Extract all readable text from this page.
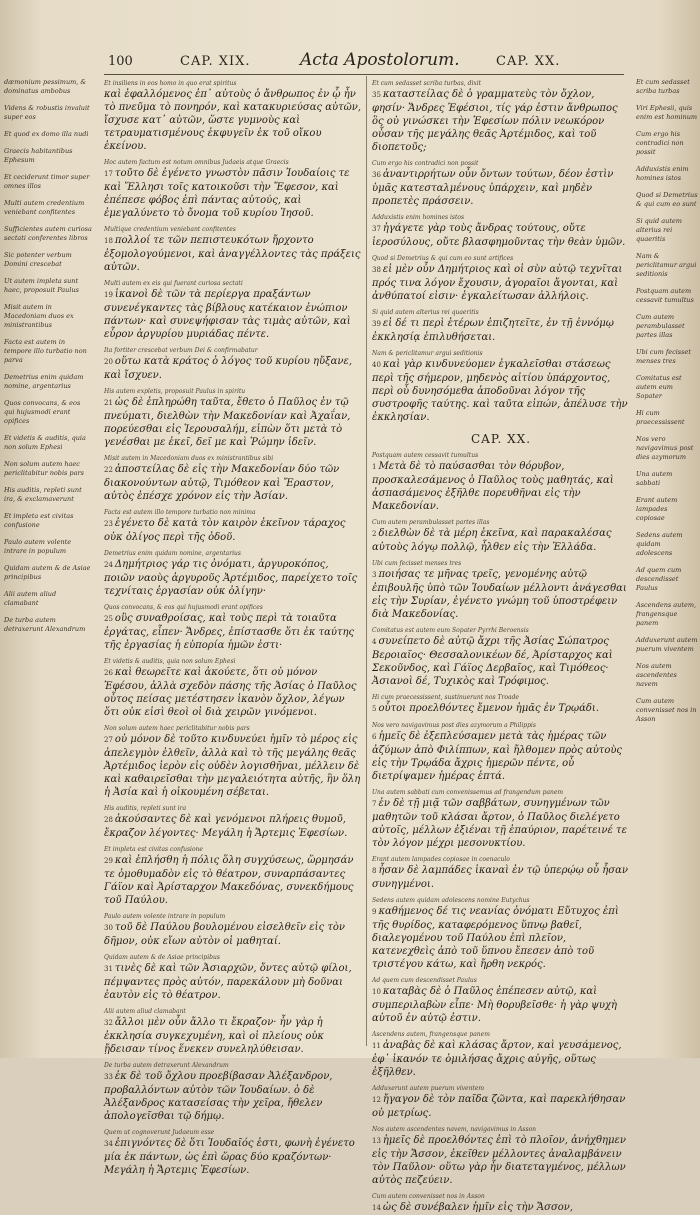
100	CAP. XIX.	Acta Apostolorum.	CAP. XX.

dæmonium pessimum, & dominatus ambobus

Videns & robustis invaluit super eos

Et quod ex domo illa nudi

Graecis habitantibus Ephesum

Et ceciderunt timor super omnes illos

Multi autem credentium veniebant confitentes

Sufficientes autem curiosa sectati conferentes libros

Sic potenter verbum Domini crescebat

Ut autem impleta sunt haec, proposuit Paulus

Misit autem in Macedoniam duos ex ministrantibus

Facta est autem in tempore illo turbatio non parva

Demetrius enim quidam nomine, argentarius

Quos convocans, & eos qui hujusmodi erant opifices

Et videtis & auditis, quia non solum Ephesi

Non solum autem haec periclitabitur nobis pars

His auditis, repleti sunt ira, & exclamaverunt

Et impleta est civitas confusione

Paulo autem volente intrare in populum

Quidam autem & de Asiae principibus

Alii autem aliud clamabant

De turba autem detraxerunt Alexandrum

Et insiliens in eos homo in quo erat spiritus

καὶ ἐφαλλόμενος ἐπ᾽ αὐτοὺς ὁ ἄνθρωπος ἐν ᾧ ἦν τὸ πνεῦμα τὸ πονηρόν, καὶ κατακυριεύσας αὐτῶν, ἴσχυσε κατ᾽ αὐτῶν, ὥστε γυμνοὺς καὶ τετραυματισμένους ἐκφυγεῖν ἐκ τοῦ οἴκου ἐκείνου.

Hoc autem factum est notum omnibus Judaeis atque Graecis

17 τοῦτο δὲ ἐγένετο γνωστὸν πᾶσιν Ἰουδαίοις τε καὶ Ἕλλησι τοῖς κατοικοῦσι τὴν Ἔφεσον, καὶ ἐπέπεσε φόβος ἐπὶ πάντας αὐτούς, καὶ ἐμεγαλύνετο τὸ ὄνομα τοῦ κυρίου Ἰησοῦ.

Multique credentium veniebant confitentes

18 πολλοί τε τῶν πεπιστευκότων ἤρχοντο ἐξομολογούμενοι, καὶ ἀναγγέλλοντες τὰς πράξεις αὐτῶν.

Multi autem ex eis qui fuerant curiosa sectati

19 ἱκανοὶ δὲ τῶν τὰ περίεργα πραξάντων συνενέγκαντες τὰς βίβλους κατέκαιον ἐνώπιον πάντων· καὶ συνεψήφισαν τὰς τιμὰς αὐτῶν, καὶ εὗρον ἀργυρίου μυριάδας πέντε.

Ita fortiter crescebat verbum Dei & confirmabatur

20 οὕτω κατὰ κράτος ὁ λόγος τοῦ κυρίου ηὔξανε, καὶ ἴσχυεν.

His autem expletis, proposuit Paulus in spiritu

21 ὡς δὲ ἐπληρώθη ταῦτα, ἔθετο ὁ Παῦλος ἐν τῷ πνεύματι, διελθὼν τὴν Μακεδονίαν καὶ Ἀχαΐαν, πορεύεσθαι εἰς Ἱερουσαλήμ, εἰπὼν ὅτι μετὰ τὸ γενέσθαι με ἐκεῖ, δεῖ με καὶ Ῥώμην ἰδεῖν.

Misit autem in Macedoniam duos ex ministrantibus sibi

22 ἀποστείλας δὲ εἰς τὴν Μακεδονίαν δύο τῶν διακονούντων αὐτῷ, Τιμόθεον καὶ Ἔραστον, αὐτὸς ἐπέσχε χρόνον εἰς τὴν Ἀσίαν.

Facta est autem illo tempore turbatio non minima

23 ἐγένετο δὲ κατὰ τὸν καιρὸν ἐκεῖνον τάραχος οὐκ ὀλίγος περὶ τῆς ὁδοῦ.

Demetrius enim quidam nomine, argentarius

24 Δημήτριος γάρ τις ὀνόματι, ἀργυροκόπος, ποιῶν ναοὺς ἀργυροῦς Ἀρτέμιδος, παρείχετο τοῖς τεχνίταις ἐργασίαν οὐκ ὀλίγην·

Quos convocans, & eos qui hujusmodi erant opifices

25 οὓς συναθροίσας, καὶ τοὺς περὶ τὰ τοιαῦτα ἐργάτας, εἶπεν· Ἄνδρες, ἐπίστασθε ὅτι ἐκ ταύτης τῆς ἐργασίας ἡ εὐπορία ἡμῶν ἐστι·

Et videtis & auditis, quia non solum Ephesi

26 καὶ θεωρεῖτε καὶ ἀκούετε, ὅτι οὐ μόνον Ἐφέσου, ἀλλὰ σχεδὸν πάσης τῆς Ἀσίας ὁ Παῦλος οὗτος πείσας μετέστησεν ἱκανὸν ὄχλον, λέγων ὅτι οὐκ εἰσὶ θεοὶ οἱ διὰ χειρῶν γινόμενοι.

Non solum autem haec periclitabitur nobis pars

27 οὐ μόνον δὲ τοῦτο κινδυνεύει ἡμῖν τὸ μέρος εἰς ἀπελεγμὸν ἐλθεῖν, ἀλλὰ καὶ τὸ τῆς μεγάλης θεᾶς Ἀρτέμιδος ἱερὸν εἰς οὐδὲν λογισθῆναι, μέλλειν δὲ καὶ καθαιρεῖσθαι τὴν μεγαλειότητα αὐτῆς, ἣν ὅλη ἡ Ἀσία καὶ ἡ οἰκουμένη σέβεται.

His auditis, repleti sunt ira

28 ἀκούσαντες δὲ καὶ γενόμενοι πλήρεις θυμοῦ, ἔκραζον λέγοντες· Μεγάλη ἡ Ἄρτεμις Ἐφεσίων.

Et impleta est civitas confusione

29 καὶ ἐπλήσθη ἡ πόλις ὅλη συγχύσεως, ὥρμησάν τε ὁμοθυμαδὸν εἰς τὸ θέατρον, συναρπάσαντες Γάϊον καὶ Ἀρίσταρχον Μακεδόνας, συνεκδήμους τοῦ Παύλου.

Paulo autem volente intrare in populum

30 τοῦ δὲ Παύλου βουλομένου εἰσελθεῖν εἰς τὸν δῆμον, οὐκ εἴων αὐτὸν οἱ μαθηταί.

Quidam autem & de Asiae principibus

31 τινὲς δὲ καὶ τῶν Ἀσιαρχῶν, ὄντες αὐτῷ φίλοι, πέμψαντες πρὸς αὐτόν, παρεκάλουν μὴ δοῦναι ἑαυτὸν εἰς τὸ θέατρον.

Alii autem aliud clamabant

32 ἄλλοι μὲν οὖν ἄλλο τι ἔκραζον· ἦν γὰρ ἡ ἐκκλησία συγκεχυμένη, καὶ οἱ πλείους οὐκ ᾔδεισαν τίνος ἕνεκεν συνεληλύθεισαν.

De turba autem detraxerunt Alexandrum

33 ἐκ δὲ τοῦ ὄχλου προεβίβασαν Ἀλέξανδρον, προβαλλόντων αὐτὸν τῶν Ἰουδαίων. ὁ δὲ Ἀλέξανδρος κατασείσας τὴν χεῖρα, ἤθελεν ἀπολογεῖσθαι τῷ δήμῳ.

Quem ut cognoverunt Judaeum esse

34 ἐπιγνόντες δὲ ὅτι Ἰουδαῖός ἐστι, φωνὴ ἐγένετο μία ἐκ πάντων, ὡς ἐπὶ ὥρας δύο κραζόντων· Μεγάλη ἡ Ἄρτεμις Ἐφεσίων.

Et cum sedasset scriba turbas, dixit

35 καταστείλας δὲ ὁ γραμματεὺς τὸν ὄχλον, φησίν· Ἄνδρες Ἐφέσιοι, τίς γάρ ἐστιν ἄνθρωπος ὃς οὐ γινώσκει τὴν Ἐφεσίων πόλιν νεωκόρον οὖσαν τῆς μεγάλης θεᾶς Ἀρτέμιδος, καὶ τοῦ διοπετοῦς;

Cum ergo his contradici non possit

36 ἀναντιρρήτων οὖν ὄντων τούτων, δέον ἐστὶν ὑμᾶς κατεσταλμένους ὑπάρχειν, καὶ μηδὲν προπετὲς πράσσειν.

Adduxistis enim homines istos

37 ἠγάγετε γὰρ τοὺς ἄνδρας τούτους, οὔτε ἱεροσύλους, οὔτε βλασφημοῦντας τὴν θεὰν ὑμῶν.

Quod si Demetrius & qui cum eo sunt artifices

38 εἰ μὲν οὖν Δημήτριος καὶ οἱ σὺν αὐτῷ τεχνῖται πρός τινα λόγον ἔχουσιν, ἀγοραῖοι ἄγονται, καὶ ἀνθύπατοί εἰσιν· ἐγκαλείτωσαν ἀλλήλοις.

Si quid autem alterius rei quaeritis

39 εἰ δέ τι περὶ ἑτέρων ἐπιζητεῖτε, ἐν τῇ ἐννόμῳ ἐκκλησίᾳ ἐπιλυθήσεται.

Nam & periclitamur argui seditionis

40 καὶ γὰρ κινδυνεύομεν ἐγκαλεῖσθαι στάσεως περὶ τῆς σήμερον, μηδενὸς αἰτίου ὑπάρχοντος, περὶ οὗ δυνησόμεθα ἀποδοῦναι λόγον τῆς συστροφῆς ταύτης. καὶ ταῦτα εἰπών, ἀπέλυσε τὴν ἐκκλησίαν.

CAP. XX.

Postquam autem cessavit tumultus

1 Μετὰ δὲ τὸ παύσασθαι τὸν θόρυβον, προσκαλεσάμενος ὁ Παῦλος τοὺς μαθητάς, καὶ ἀσπασάμενος ἐξῆλθε πορευθῆναι εἰς τὴν Μακεδονίαν.

Cum autem perambulasset partes illas

2 διελθὼν δὲ τὰ μέρη ἐκεῖνα, καὶ παρακαλέσας αὐτοὺς λόγῳ πολλῷ, ἦλθεν εἰς τὴν Ἑλλάδα.

Ubi cum fecisset menses tres

3 ποιήσας τε μῆνας τρεῖς, γενομένης αὐτῷ ἐπιβουλῆς ὑπὸ τῶν Ἰουδαίων μέλλοντι ἀνάγεσθαι εἰς τὴν Συρίαν, ἐγένετο γνώμη τοῦ ὑποστρέφειν διὰ Μακεδονίας.

Comitatus est autem eum Sopater Pyrrhi Beroensis

4 συνείπετο δὲ αὐτῷ ἄχρι τῆς Ἀσίας Σώπατρος Βεροιαῖος· Θεσσαλονικέων δέ, Ἀρίσταρχος καὶ Σεκοῦνδος, καὶ Γάϊος Δερβαῖος, καὶ Τιμόθεος· Ἀσιανοὶ δέ, Τυχικὸς καὶ Τρόφιμος.

Hi cum praecessissent, sustinuerunt nos Troade

5 οὗτοι προελθόντες ἔμενον ἡμᾶς ἐν Τρῳάδι.

Nos vero navigavimus post dies azymorum a Philippis

6 ἡμεῖς δὲ ἐξεπλεύσαμεν μετὰ τὰς ἡμέρας τῶν ἀζύμων ἀπὸ Φιλίππων, καὶ ἤλθομεν πρὸς αὐτοὺς εἰς τὴν Τρῳάδα ἄχρις ἡμερῶν πέντε, οὗ διετρίψαμεν ἡμέρας ἑπτά.

Una autem sabbati cum convenissemus ad frangendum panem

7 ἐν δὲ τῇ μιᾷ τῶν σαββάτων, συνηγμένων τῶν μαθητῶν τοῦ κλάσαι ἄρτον, ὁ Παῦλος διελέγετο αὐτοῖς, μέλλων ἐξιέναι τῇ ἐπαύριον, παρέτεινέ τε τὸν λόγον μέχρι μεσονυκτίου.

Erant autem lampades copiosae in coenaculo

8 ἦσαν δὲ λαμπάδες ἱκαναὶ ἐν τῷ ὑπερῴῳ οὗ ἦσαν συνηγμένοι.

Sedens autem quidam adolescens nomine Eutychus

9 καθήμενος δέ τις νεανίας ὀνόματι Εὔτυχος ἐπὶ τῆς θυρίδος, καταφερόμενος ὕπνῳ βαθεῖ, διαλεγομένου τοῦ Παύλου ἐπὶ πλεῖον, κατενεχθεὶς ἀπὸ τοῦ ὕπνου ἔπεσεν ἀπὸ τοῦ τριστέγου κάτω, καὶ ἤρθη νεκρός.

Ad quem cum descendisset Paulus

10 καταβὰς δὲ ὁ Παῦλος ἐπέπεσεν αὐτῷ, καὶ συμπεριλαβὼν εἶπε· Μὴ θορυβεῖσθε· ἡ γὰρ ψυχὴ αὐτοῦ ἐν αὐτῷ ἐστιν.

Ascendens autem, frangensque panem

11 ἀναβὰς δὲ καὶ κλάσας ἄρτον, καὶ γευσάμενος, ἐφ᾽ ἱκανόν τε ὁμιλήσας ἄχρις αὐγῆς, οὕτως ἐξῆλθεν.

Adduxerunt autem puerum viventem

12 ἤγαγον δὲ τὸν παῖδα ζῶντα, καὶ παρεκλήθησαν οὐ μετρίως.

Nos autem ascendentes navem, navigavimus in Asson

13 ἡμεῖς δὲ προελθόντες ἐπὶ τὸ πλοῖον, ἀνήχθημεν εἰς τὴν Ἄσσον, ἐκεῖθεν μέλλοντες ἀναλαμβάνειν τὸν Παῦλον· οὕτω γὰρ ἦν διατεταγμένος, μέλλων αὐτὸς πεζεύειν.

Cum autem convenisset nos in Asson

14 ὡς δὲ συνέβαλεν ἡμῖν εἰς τὴν Ἄσσον,

Et cum sedasset scriba turbas

Viri Ephesii, quis enim est hominum

Cum ergo his contradici non possit

Adduxistis enim homines istos

Quod si Demetrius & qui cum eo sunt

Si quid autem alterius rei quaeritis

Nam & periclitamur argui seditionis

Postquam autem cessavit tumultus

Cum autem perambulasset partes illas

Ubi cum fecisset menses tres

Comitatus est autem eum Sopater

Hi cum praecessissent

Nos vero navigavimus post dies azymorum

Una autem sabbati

Erant autem lampades copiosae

Sedens autem quidam adolescens

Ad quem cum descendisset Paulus

Ascendens autem, frangensque panem

Adduxerunt autem puerum viventem

Nos autem ascendentes navem

Cum autem convenisset nos in Asson
